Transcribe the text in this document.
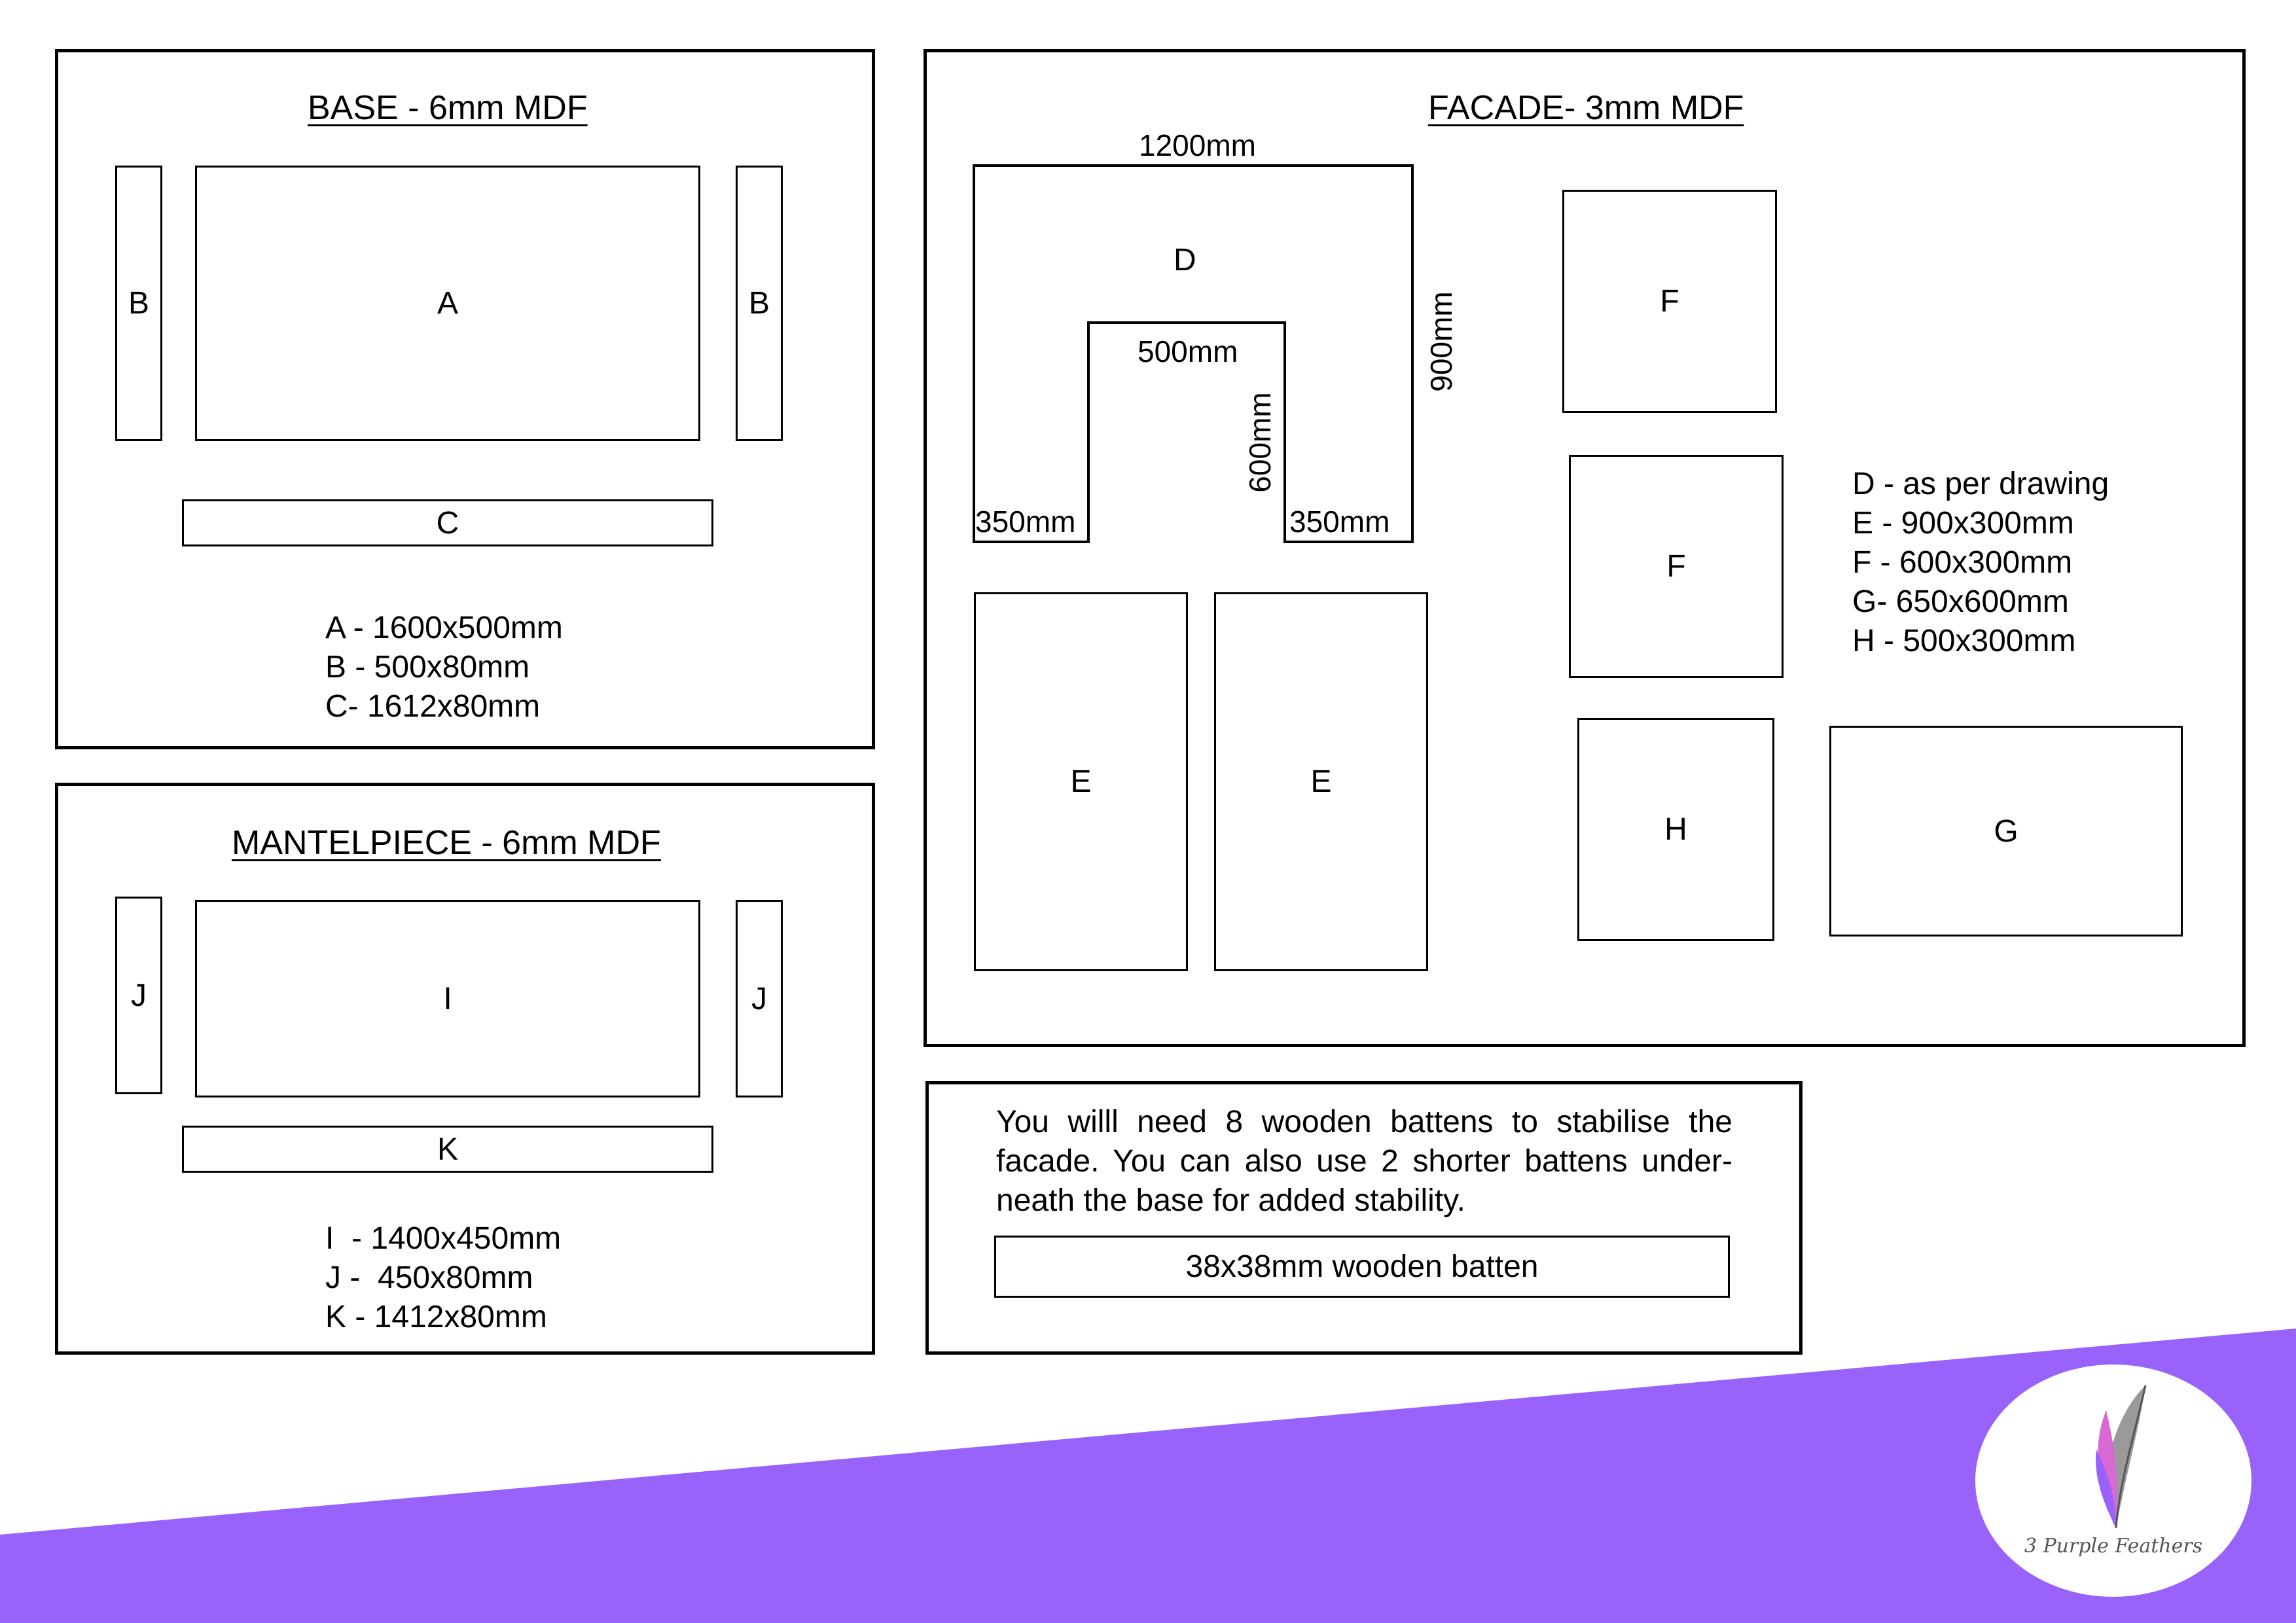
BASE - 6mm MDF
B	A	B
C
A - 1600x500mm
B - 500x80mm
C- 1612x80mm
MANTELPIECE - 6mm MDF
J	I	J
K
I  - 1400x450mm
J -  450x80mm
K - 1412x80mm
FACADE- 3mm MDF
D
1200mm
500mm
350mm	350mm
900mm
600mm
E	E
F
F
H	G
D - as per drawing
E - 900x300mm
F - 600x300mm
G- 650x600mm
H - 500x300mm
You willl need 8 wooden battens to stabilise the facade. You can also use 2 shorter battens under-neath the base for added stability.
38x38mm wooden batten
3 Purple Feathers
